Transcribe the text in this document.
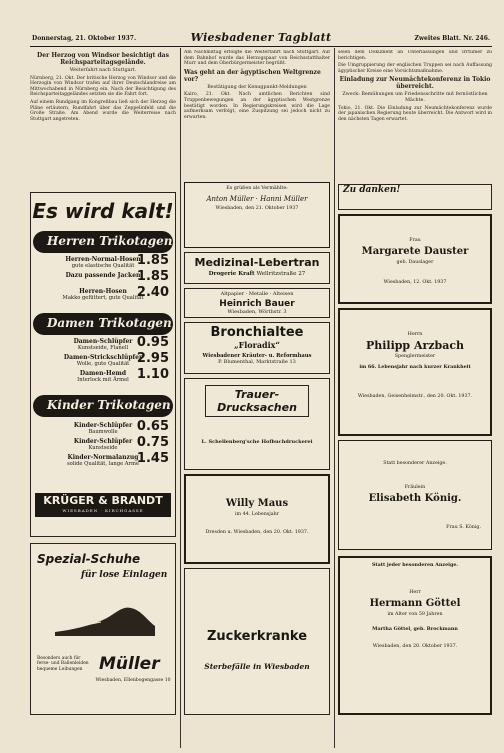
Donnerstag, 21. Oktober 1937.	Wiesbadener Tagblatt	Zweites Blatt. Nr. 246.
Der Herzog von Windsor besichtigt das Reichsparteitagsgelände.
Weiterfahrt nach Stuttgart.

Nürnberg, 21. Okt. Der britische Herzog von Windsor und die Herzogin von Windsor trafen auf ihrer Deutschlandreise am Mittwochabend in Nürnberg ein. Nach der Besichtigung des Reichsparteitaggeländes setzten sie die Fahrt fort.

Auf einem Rundgang im Kongreßbau ließ sich der Herzog die Pläne erläutern, Rundfahrt über das Zeppelinfeld und die Große Straße. Am Abend wurde die Weiterreise nach Stuttgart angetreten.

Am Nachmittag erfolgte die Weiterfahrt nach Stuttgart. Auf dem Bahnhof wurde das Herzogspaar von Reichsstatthalter Murr und dem Oberbürgermeister begrüßt.

Was geht an der ägyptischen Weltgrenze vor?
Bestätigung der Kenugpunkt-Meldungen

Kairo, 21. Okt. Nach amtlichen Berichten sind Truppenbewegungen an der ägyptischen Westgrenze bestätigt worden. In Regierungskreisen wird die Lage aufmerksam verfolgt, eine Zuspitzung sei jedoch nicht zu erwarten.

seien dem Dokument an Unterlassungen und Irrtümer zu berichtigen.

Die Umgruppierung der englischen Truppen sei nach Auffassung ägyptischer Kreise eine Vorsichtsmaßnahme.

Einladung zur Neumächtekonferenz in Tokio überreicht.
Zweck: Bemühungen um Friedensschritte mit fernöstlichen Mächte.

Tokio, 21. Okt. Die Einladung zur Neumächtekonferenz wurde der japanischen Regierung heute überreicht. Die Antwort wird in den nächsten Tagen erwartet.

Es wird kalt!
Herren Trikotagen
Herren-Normal-Hosen
gute elastische Qualität 1.85
Dazu passende Jacken

1.85
Herren-Hosen
Makko gefüttert, gute Qualität
2.40
Damen Trikotagen
Damen-Schlüpfer
Kunstseide, Flanell 0.95
Damen-Strickschlüpfer
Wolle, gute Qualität 2.95
Damen-Hemd
Interlock mit Ärmel 1.10
Kinder Trikotagen
Kinder-Schlüpfer
Baumwolle 0.65
Kinder-Schlüpfer
Kunstseide 0.75
Kinder-Normalanzug
solide Qualität, lange Arme
1.45
KRÜGER & BRANDT
WIESBADEN · KIRCHGASSE
Spezial-Schuhe
für lose Einlagen
Besonders auch für ferse- und Ballenleiden bequeme Leibungen Müller
Wiesbaden, Ellenbogengasse 10
Es grüßen als Vermählte:
Anton Müller · Hanni Müller
Wiesbaden, den 21. Oktober 1937
Medizinal-Lebertran
Drogerie Kraft Wellritzstraße 27
Altpapier · Metalle · Alteisen
Heinrich Bauer
Wiesbaden, Wörthstr. 3
Bronchialtee
„Floradix“
Wiesbadener Kräuter- u. Reformhaus
P. Blumenthal, Marktstraße 13
Trauer-Drucksachen
L. Schellenberg'sche Hofbuchdruckerei
Willy Maus
im 44. Lebensjahr
Dresden u. Wiesbaden, den 20. Okt. 1937.
Zuckerkranke
Sterbefälle in Wiesbaden
Zu danken!
Frau
Margarete Dauster
geb. Dauslager
Wiesbaden, 12. Okt. 1937
Herrn
Philipp Arzbach
Spenglermeister
im 66. Lebensjahr nach kurzer Krankheit
Wiesbaden, Geisenheimstr., den 20. Okt. 1937.
Statt besonderer Anzeige.
Fräulein
Elisabeth König.
Frau S. König.
Statt jeder besonderen Anzeige.
Herr
Hermann Göttel
im Alter von 59 Jahren
Martha Göttel, geb. Brockmann
Wiesbaden, den 20. Oktober 1937.
